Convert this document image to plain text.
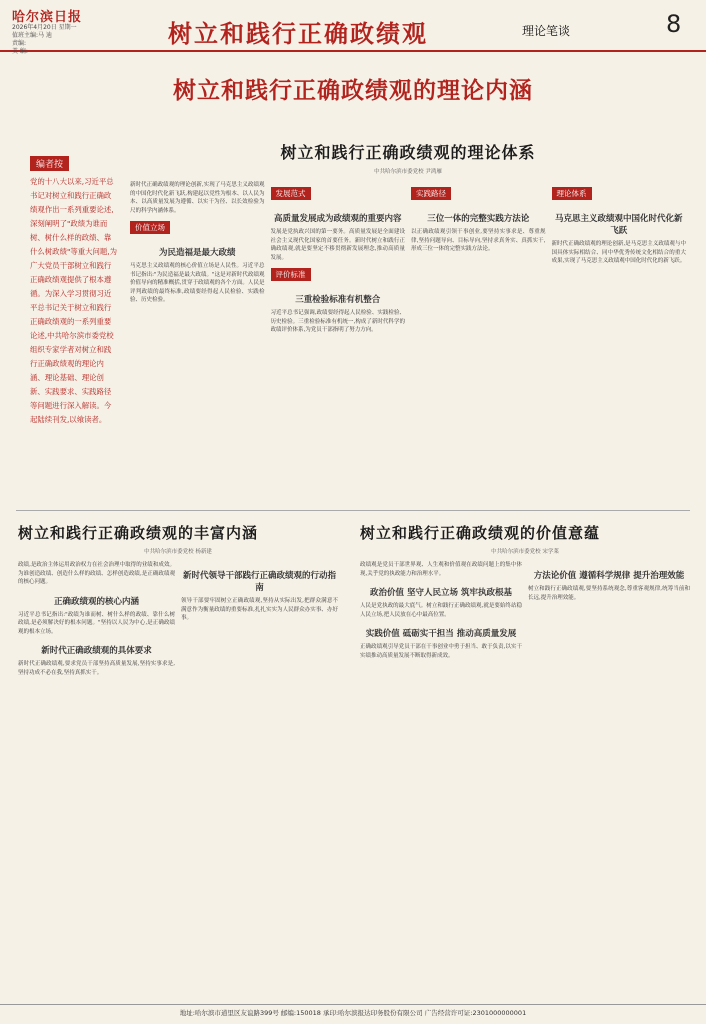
哈尔滨日报
2026年4月20日 星期一
值班主编:马 迪
责编:
美 编:
树立和践行正确政绩观	理论笔谈	8
树立和践行正确政绩观的理论内涵
编者按
党的十八大以来,习近平总书记对树立和践行正确政绩观作出一系列重要论述,深刻阐明了"政绩为谁而树、树什么样的政绩、靠什么树政绩"等重大问题,为广大党员干部树立和践行正确政绩观提供了根本遵循。为深入学习贯彻习近平总书记关于树立和践行正确政绩观的一系列重要论述,中共哈尔滨市委党校组织专家学者对树立和践行正确政绩观的理论内涵、理论基础、理论创新、实践要求、实践路径等问题进行深入解读。今起陆续刊发,以飨读者。
树立和践行正确政绩观的理论体系
中共哈尔滨市委党校 尹鸿雁
新时代正确政绩观的理论创新,实现了马克思主义政绩观的中国化时代化新飞跃,构建起以党性为根本、以人民为本、以高质量发展为遵循、以实干为径、以长效检验为尺的科学内涵体系。
价值立场
为民造福是最大政绩
马克思主义政绩观的核心价值立场是人民性。习近平总书记指出:"为民造福是最大政绩。"这是对新时代政绩观价值导向的精准概括,贯穿于政绩观的各个方面。人民是评判政绩的最终标准,政绩要经得起人民检验、实践检验、历史检验。
发展范式
高质量发展成为政绩观的重要内容
发展是党执政兴国的第一要务。高质量发展是全面建设社会主义现代化国家的首要任务。新时代树立和践行正确政绩观,就是要坚定不移贯彻新发展理念,推动高质量发展。
评价标准
三重检验标准有机整合
习近平总书记强调,政绩要经得起人民检验、实践检验、历史检验。三重检验标准有机统一,构成了新时代科学的政绩评价体系,为党员干部指明了努力方向。
实践路径
三位一体的完整实践方法论
以正确政绩观引领干事创业,要坚持实事求是、尊重规律,坚持问题导向、目标导向,坚持求真务实、真抓实干,形成三位一体的完整实践方法论。
理论体系
马克思主义政绩观中国化时代化新飞跃
新时代正确政绩观的理论创新,是马克思主义政绩观与中国具体实际相结合、同中华优秀传统文化相结合的重大成果,实现了马克思主义政绩观中国化时代化的新飞跃。
树立和践行正确政绩观的丰富内涵
中共哈尔滨市委党校 杨新建
政绩,是政治主体运用政治权力在社会治理中取得的业绩和成效。为谁创造政绩、创造什么样的政绩、怎样创造政绩,是正确政绩观的核心问题。
正确政绩观的核心内涵
习近平总书记指出:"政绩为谁而树、树什么样的政绩、靠什么树政绩,是必须解决好的根本问题。"坚持以人民为中心,是正确政绩观的根本立场。
新时代正确政绩观的具体要求
新时代正确政绩观,要求党员干部坚持高质量发展,坚持实事求是,坚持功成不必在我,坚持真抓实干。
新时代领导干部践行正确政绩观的行动指南
领导干部要牢固树立正确政绩观,坚持从实际出发,把群众满意不满意作为衡量政绩的重要标准,扎扎实实为人民群众办实事、办好事。
树立和践行正确政绩观的价值意蕴
中共哈尔滨市委党校 宋学莱
政绩观是党员干部世界观、人生观和价值观在政绩问题上的集中体现,关乎党的执政能力和治理水平。
政治价值 坚守人民立场 筑牢执政根基
人民是党执政的最大底气。树立和践行正确政绩观,就是要始终站稳人民立场,把人民放在心中最高位置。
实践价值 砥砺实干担当 推动高质量发展
正确政绩观引导党员干部在干事创业中勇于担当、敢于负责,以实干实绩推动高质量发展不断取得新成效。
方法论价值 遵循科学规律 提升治理效能
树立和践行正确政绩观,要坚持系统观念,尊重客观规律,统筹当前和长远,提升治理效能。
地址:哈尔滨市道里区友谊路399号 邮编:150018 承印:哈尔滨报达印务股份有限公司 广告经营许可证:2301000000001
